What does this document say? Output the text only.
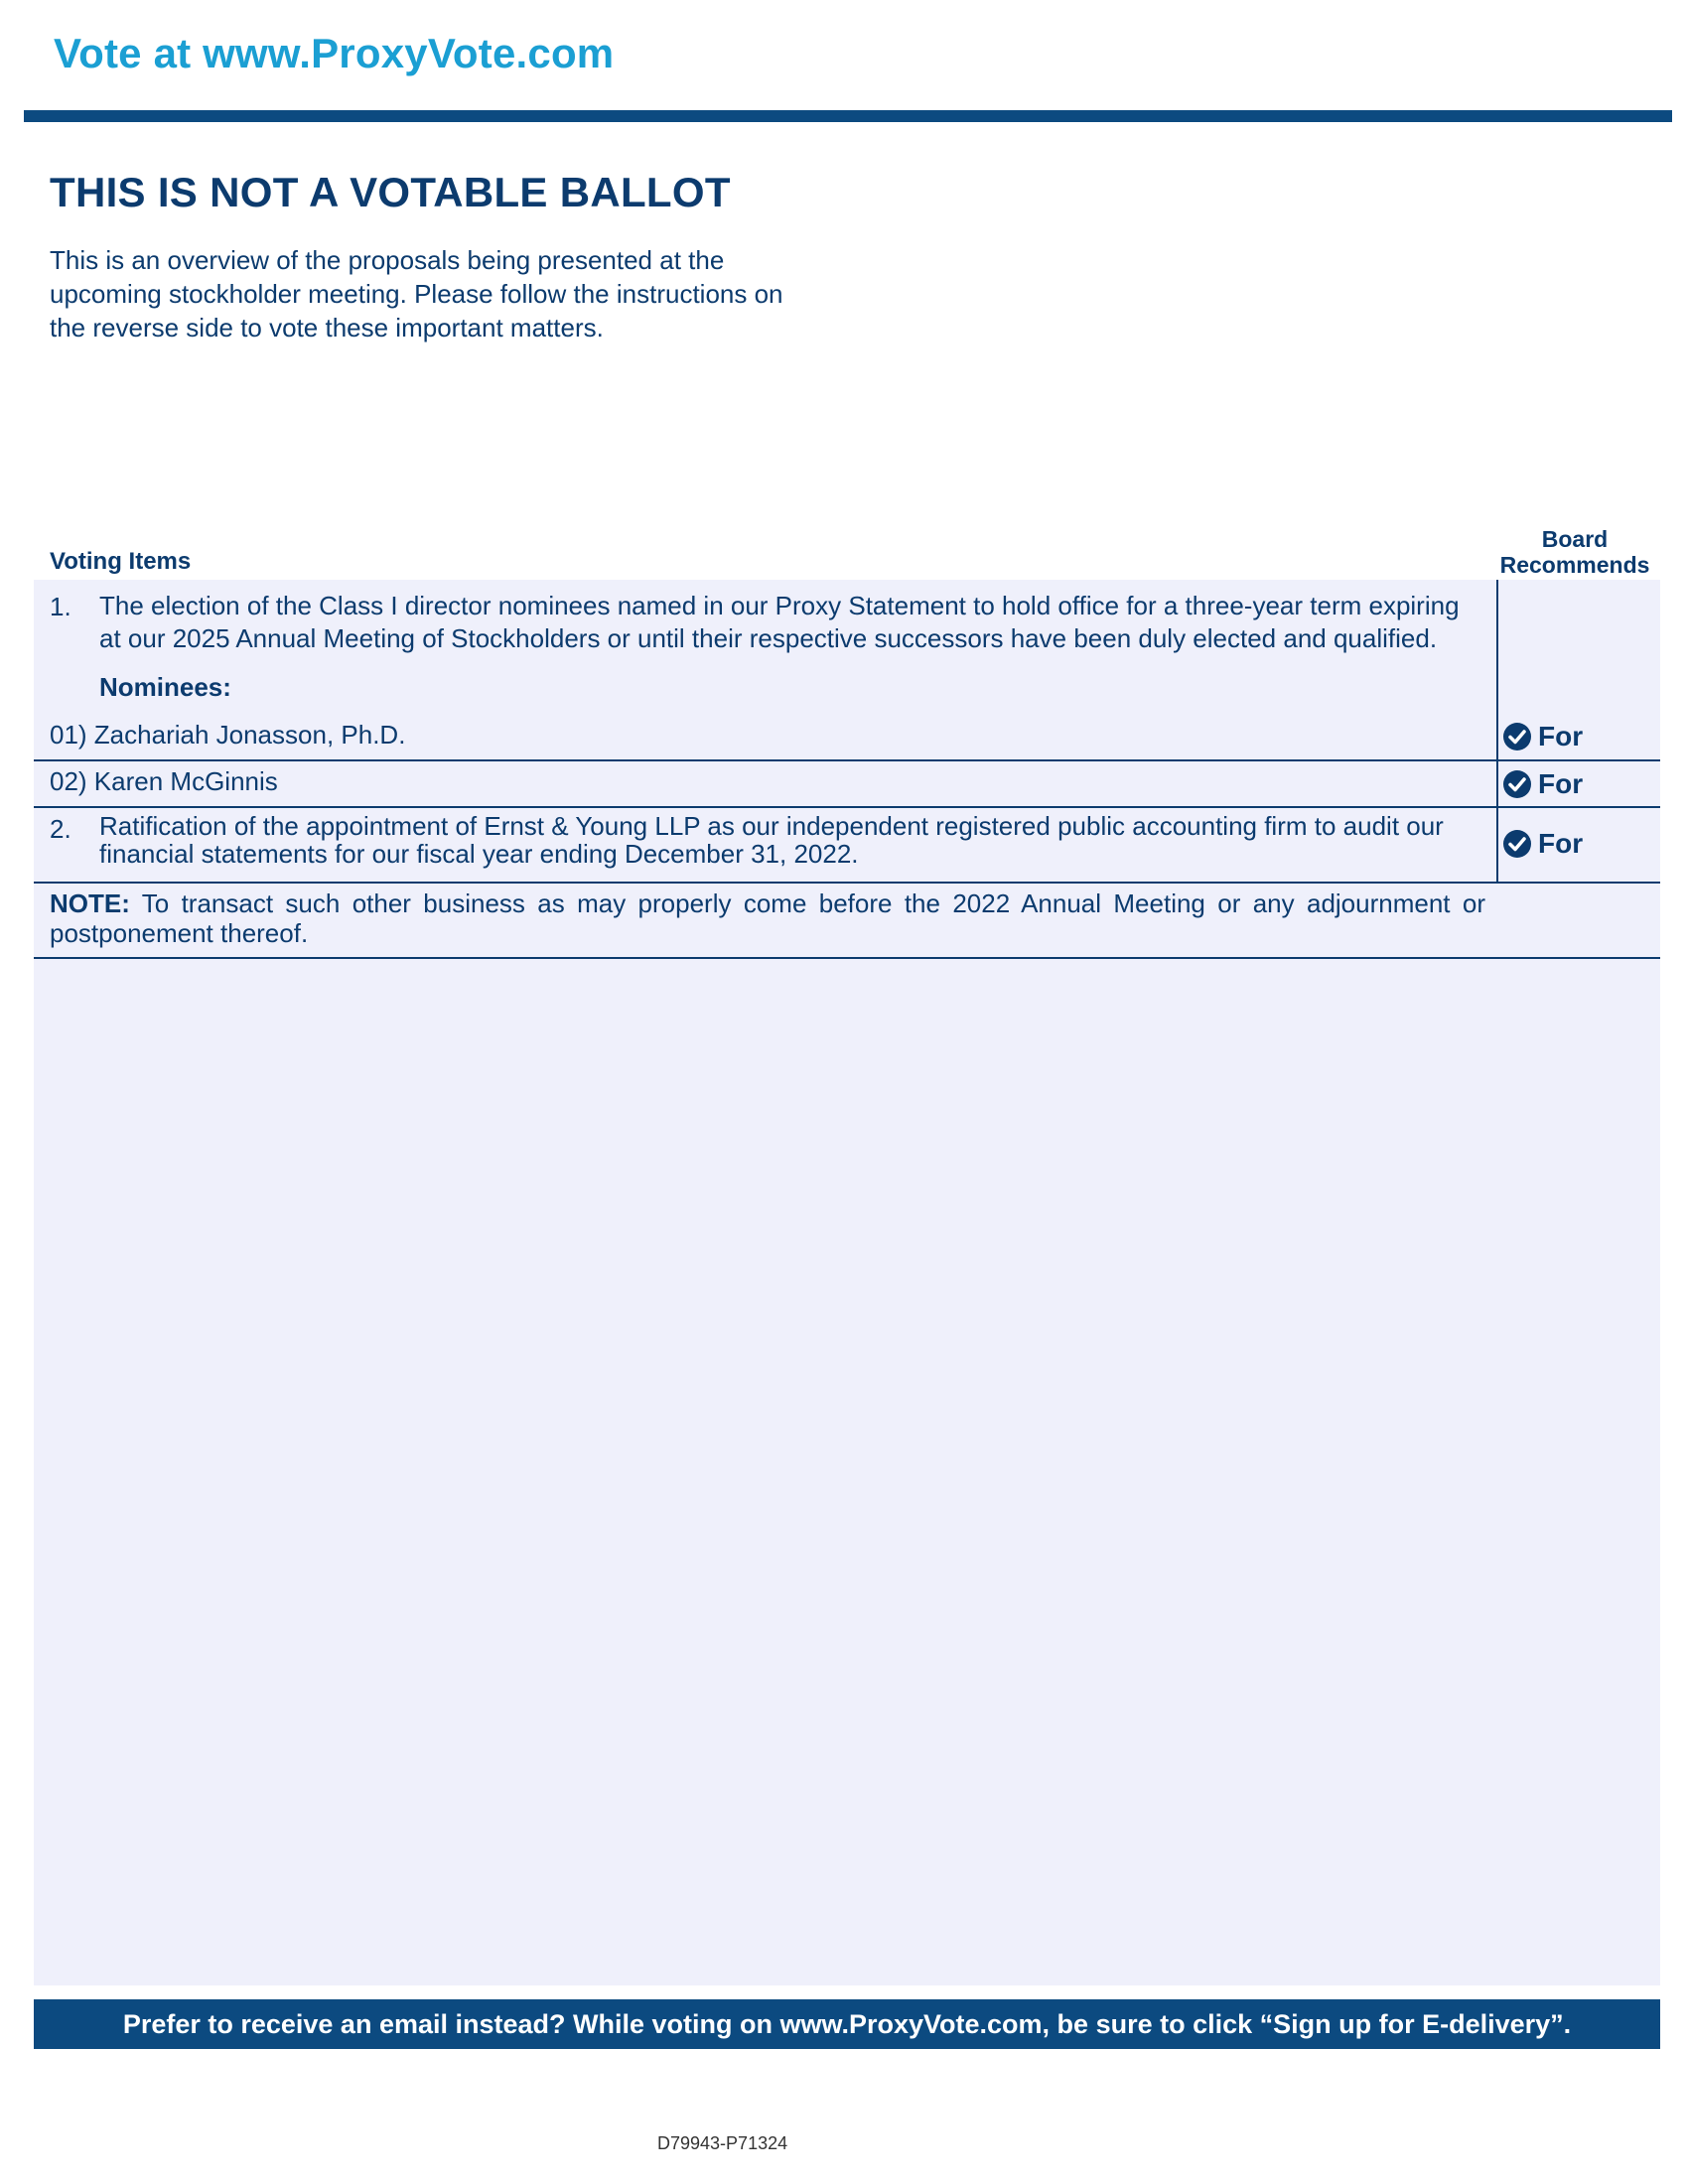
Vote at www.ProxyVote.com
THIS IS NOT A VOTABLE BALLOT
This is an overview of the proposals being presented at the
upcoming stockholder meeting. Please follow the instructions on
the reverse side to vote these important matters.
Voting Items
Board
Recommends
1. The election of the Class I director nominees named in our Proxy Statement to hold office for a three-year term expiring
at our 2025 Annual Meeting of Stockholders or until their respective successors have been duly elected and qualified.
Nominees:
01) Zachariah Jonasson, Ph.D.	For
02) Karen McGinnis	For
2. Ratification of the appointment of Ernst & Young LLP as our independent registered public accounting firm to audit our
financial statements for our fiscal year ending December 31, 2022.	For
NOTE: To transact such other business as may properly come before the 2022 Annual Meeting or any adjournment or postponement thereof.
Prefer to receive an email instead? While voting on www.ProxyVote.com, be sure to click “Sign up for E-delivery”.
D79943-P71324
